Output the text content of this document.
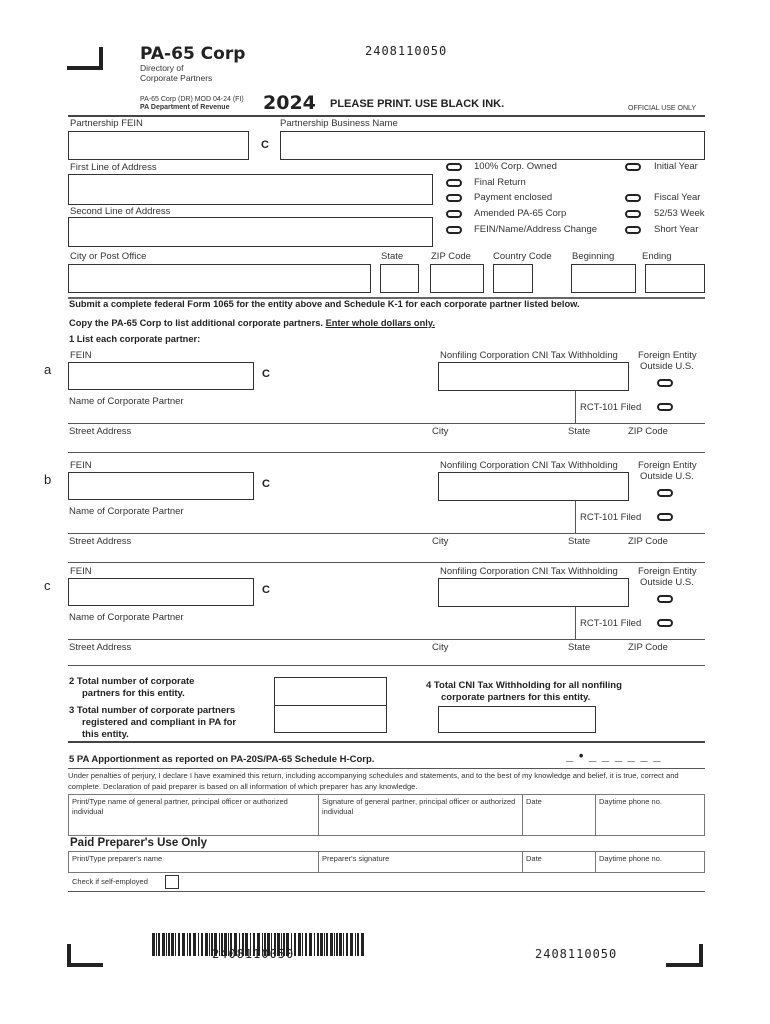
PA-65 Corp
Directory of
Corporate Partners
2408110050
PA-65 Corp (DR) MOD 04-24 (FI)
PA Department of Revenue 2024 PLEASE PRINT. USE BLACK INK.	OFFICIAL USE ONLY
Partnership FEIN
C
Partnership Business Name
First Line of Address
Second Line of Address
100% Corp. Owned
Final Return
Payment enclosed
Amended PA-65 Corp
FEIN/Name/Address Change
Initial Year
Fiscal Year
52/53 Week
Short Year
City or Post Office	State	ZIP Code Country Code Beginning	Ending
Submit a complete federal Form 1065 for the entity above and Schedule K-1 for each corporate partner listed below.
Copy the PA-65 Corp to list additional corporate partners. Enter whole dollars only.
1 List each corporate partner:
a
FEIN
C
Nonfiling Corporation CNI Tax Withholding Foreign Entity
Outside U.S.
Name of Corporate Partner
RCT-101 Filed
Street Address	City	State	ZIP Code
b
FEIN
C
Nonfiling Corporation CNI Tax Withholding Foreign Entity
Outside U.S.
Name of Corporate Partner
RCT-101 Filed
Street Address	City	State	ZIP Code
c
FEIN
C
Nonfiling Corporation CNI Tax Withholding Foreign Entity
Outside U.S.
Name of Corporate Partner
RCT-101 Filed
Street Address	City	State	ZIP Code
2 Total number of corporate
partners for this entity.
3 Total number of corporate partners
registered and compliant in PA for
this entity.
4 Total CNI Tax Withholding for all nonfiling
corporate partners for this entity.
5 PA Apportionment as reported on PA-20S/PA-65 Schedule H-Corp.	_ • _ _ _ _ _ _
Under penalties of perjury, I declare I have examined this return, including accompanying schedules and statements, and to the best of my knowledge and belief, it is true, correct and complete. Declaration of paid preparer is based on all information of which preparer has any knowledge.
Print/Type name of general partner, principal officer or authorized individual
Signature of general partner, principal officer or authorized individual
Date	Daytime phone no.
Paid Preparer's Use Only
Print/Type preparer's name	Preparer's signature	Date	Daytime phone no.
Check if self-employed
2408110050	2408110050
